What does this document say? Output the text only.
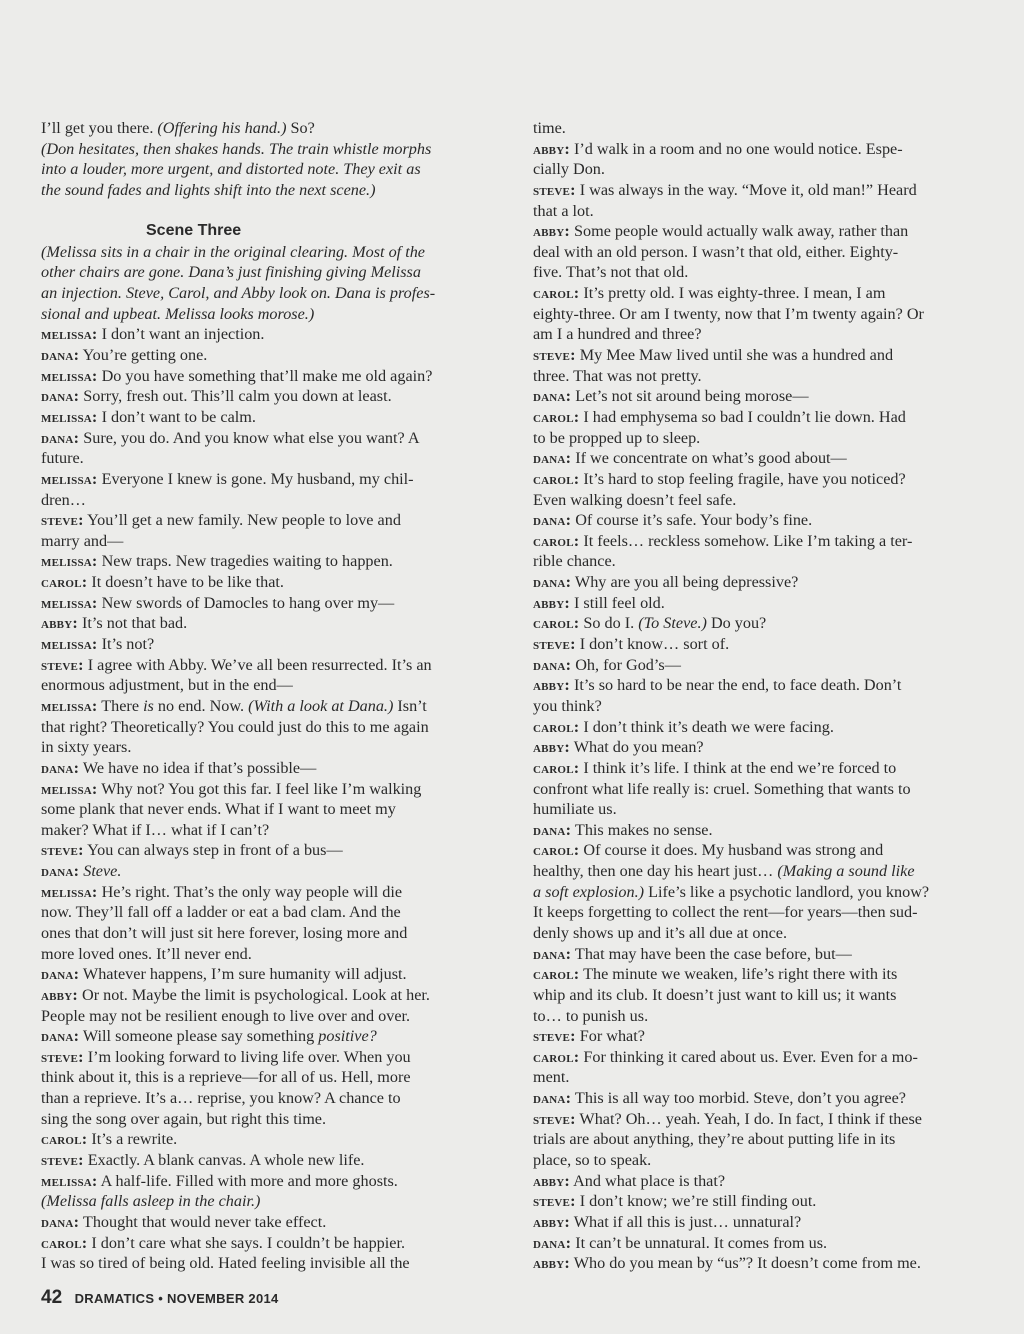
I’ll get you there. (Offering his hand.) So?
(Don hesitates, then shakes hands. The train whistle morphs
into a louder, more urgent, and distorted note. They exit as
the sound fades and lights shift into the next scene.)

Scene Three
(Melissa sits in a chair in the original clearing. Most of the
other chairs are gone. Dana’s just finishing giving Melissa
an injection. Steve, Carol, and Abby look on. Dana is profes-
sional and upbeat. Melissa looks morose.)
melissa: I don’t want an injection.
dana: You’re getting one.
melissa: Do you have something that’ll make me old again?
dana: Sorry, fresh out. This’ll calm you down at least.
melissa: I don’t want to be calm.
dana: Sure, you do. And you know what else you want? A
future.
melissa: Everyone I knew is gone. My husband, my chil-
dren…
steve: You’ll get a new family. New people to love and
marry and—
melissa: New traps. New tragedies waiting to happen.
carol: It doesn’t have to be like that.
melissa: New swords of Damocles to hang over my—
abby: It’s not that bad.
melissa: It’s not?
steve: I agree with Abby. We’ve all been resurrected. It’s an
enormous adjustment, but in the end—
melissa: There is no end. Now. (With a look at Dana.) Isn’t
that right? Theoretically? You could just do this to me again
in sixty years.
dana: We have no idea if that’s possible—
melissa: Why not? You got this far. I feel like I’m walking
some plank that never ends. What if I want to meet my
maker? What if I… what if I can’t?
steve: You can always step in front of a bus—
dana: Steve.
melissa: He’s right. That’s the only way people will die
now. They’ll fall off a ladder or eat a bad clam. And the
ones that don’t will just sit here forever, losing more and
more loved ones. It’ll never end.
dana: Whatever happens, I’m sure humanity will adjust.
abby: Or not. Maybe the limit is psychological. Look at her.
People may not be resilient enough to live over and over.
dana: Will someone please say something positive?
steve: I’m looking forward to living life over. When you
think about it, this is a reprieve—for all of us. Hell, more
than a reprieve. It’s a… reprise, you know? A chance to
sing the song over again, but right this time.
carol: It’s a rewrite.
steve: Exactly. A blank canvas. A whole new life.
melissa: A half-life. Filled with more and more ghosts.
(Melissa falls asleep in the chair.)
dana: Thought that would never take effect.
carol: I don’t care what she says. I couldn’t be happier.
I was so tired of being old. Hated feeling invisible all the
time.
abby: I’d walk in a room and no one would notice. Espe-
cially Don.
steve: I was always in the way. “Move it, old man!” Heard
that a lot.
abby: Some people would actually walk away, rather than
deal with an old person. I wasn’t that old, either. Eighty-
five. That’s not that old.
carol: It’s pretty old. I was eighty-three. I mean, I am
eighty-three. Or am I twenty, now that I’m twenty again? Or
am I a hundred and three?
steve: My Mee Maw lived until she was a hundred and
three. That was not pretty.
dana: Let’s not sit around being morose—
carol: I had emphysema so bad I couldn’t lie down. Had
to be propped up to sleep.
dana: If we concentrate on what’s good about—
carol: It’s hard to stop feeling fragile, have you noticed?
Even walking doesn’t feel safe.
dana: Of course it’s safe. Your body’s fine.
carol: It feels… reckless somehow. Like I’m taking a ter-
rible chance.
dana: Why are you all being depressive?
abby: I still feel old.
carol: So do I. (To Steve.) Do you?
steve: I don’t know… sort of.
dana: Oh, for God’s—
abby: It’s so hard to be near the end, to face death. Don’t
you think?
carol: I don’t think it’s death we were facing.
abby: What do you mean?
carol: I think it’s life. I think at the end we’re forced to
confront what life really is: cruel. Something that wants to
humiliate us.
dana: This makes no sense.
carol: Of course it does. My husband was strong and
healthy, then one day his heart just… (Making a sound like
a soft explosion.) Life’s like a psychotic landlord, you know?
It keeps forgetting to collect the rent—for years—then sud-
denly shows up and it’s all due at once.
dana: That may have been the case before, but—
carol: The minute we weaken, life’s right there with its
whip and its club. It doesn’t just want to kill us; it wants
to… to punish us.
steve: For what?
carol: For thinking it cared about us. Ever. Even for a mo-
ment.
dana: This is all way too morbid. Steve, don’t you agree?
steve: What? Oh… yeah. Yeah, I do. In fact, I think if these
trials are about anything, they’re about putting life in its
place, so to speak.
abby: And what place is that?
steve: I don’t know; we’re still finding out.
abby: What if all this is just… unnatural?
dana: It can’t be unnatural. It comes from us.
abby: Who do you mean by “us”? It doesn’t come from me.
42 DRAMATICS • NOVEMBER 2014
